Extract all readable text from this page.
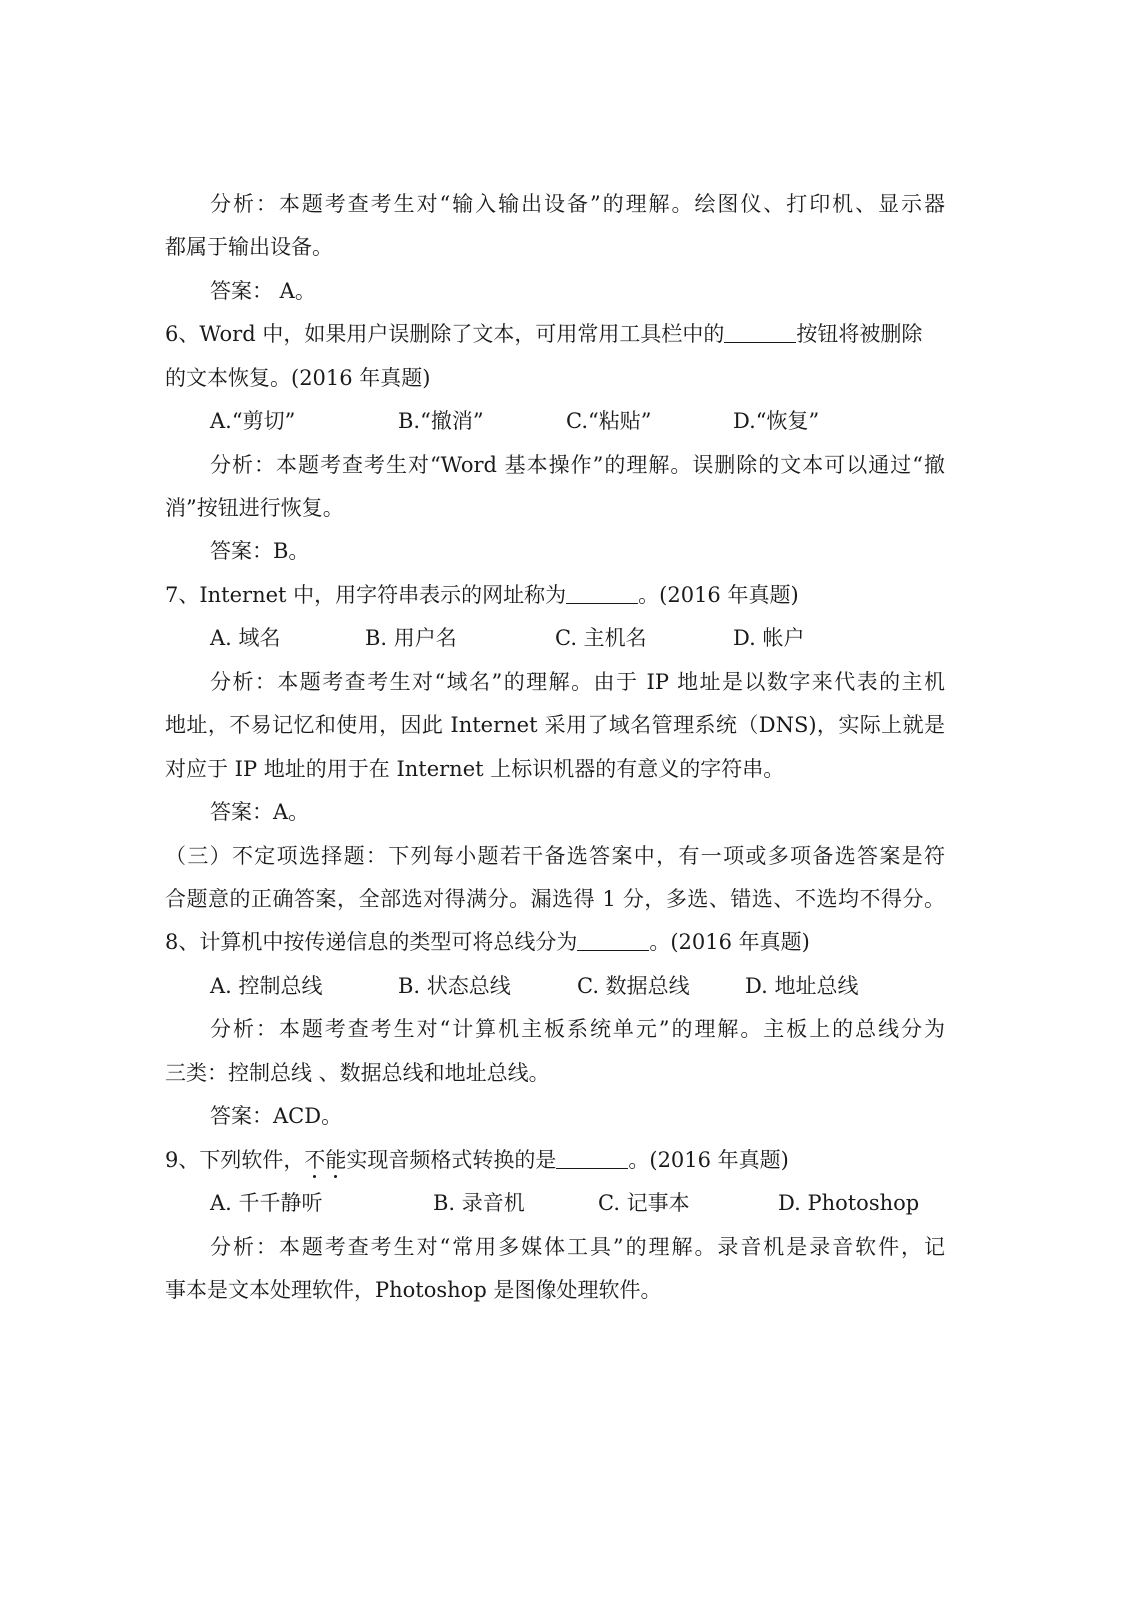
分析：本题考查考生对“输入输出设备”的理解。绘图仪、打印机、显示器
都属于输出设备。
答案： A。
6、Word 中，如果用户误删除了文本，可用常用工具栏中的	按钮将被删除
的文本恢复。(2016 年真题)
A.“剪切”	B.“撤消”	C.“粘贴”	D.“恢复”
分析：本题考查考生对“Word 基本操作”的理解。误删除的文本可以通过“撤
消”按钮进行恢复。
答案：B。
7、Internet 中，用字符串表示的网址称为	。(2016 年真题)
A. 域名	B. 用户名	C. 主机名	D. 帐户
分析：本题考查考生对“域名”的理解。由于 IP 地址是以数字来代表的主机
地址，不易记忆和使用，因此 Internet 采用了域名管理系统（DNS)，实际上就是
对应于 IP 地址的用于在 Internet 上标识机器的有意义的字符串。
答案：A。
（三）不定项选择题：下列每小题若干备选答案中，有一项或多项备选答案是符
合题意的正确答案，全部选对得满分。漏选得 1 分，多选、错选、不选均不得分。
8、计算机中按传递信息的类型可将总线分为	。(2016 年真题)
A. 控制总线	B. 状态总线	C. 数据总线	D. 地址总线
分析：本题考查考生对“计算机主板系统单元”的理解。主板上的总线分为
三类：控制总线 、数据总线和地址总线。
答案：ACD。
9、下列软件，不能实现音频格式转换的是	。(2016 年真题)
A. 千千静听	B. 录音机	C. 记事本	D. Photoshop
分析：本题考查考生对“常用多媒体工具”的理解。录音机是录音软件，记
事本是文本处理软件，Photoshop 是图像处理软件。
